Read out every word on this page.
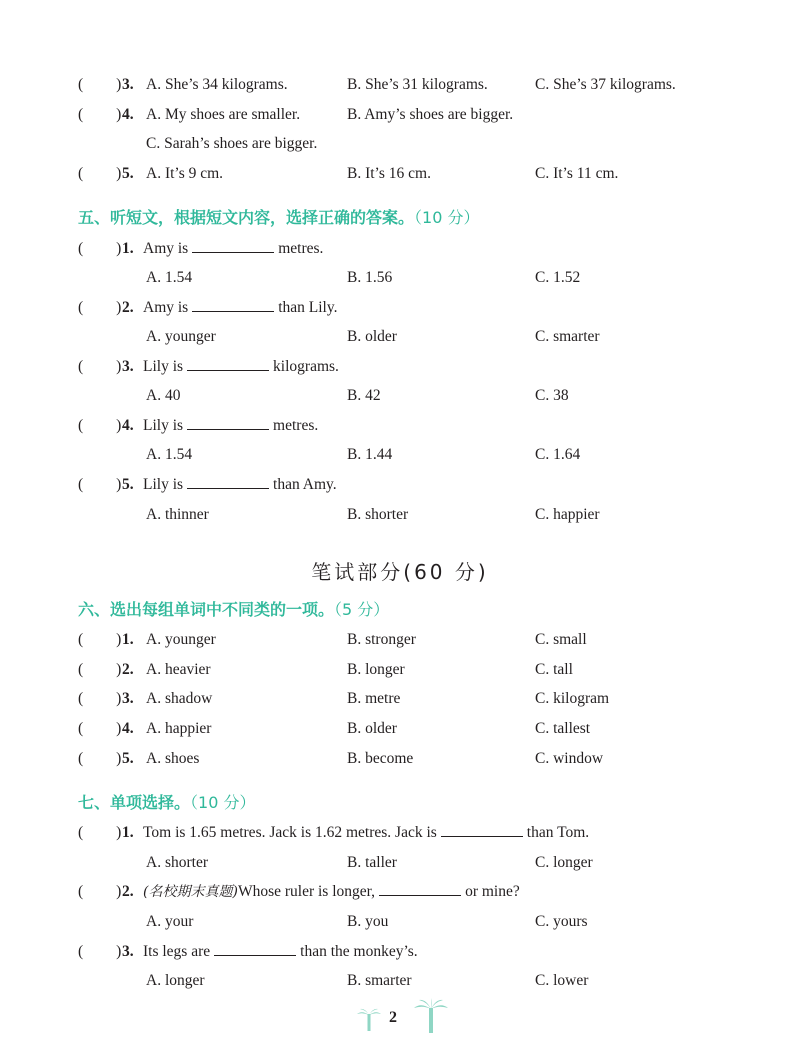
( ) 3. A. She’s 34 kilograms.	B. She’s 31 kilograms.	C. She’s 37 kilograms.
( ) 4. A. My shoes are smaller.	B. Amy’s shoes are bigger.
C. Sarah’s shoes are bigger.
( ) 5. A. It’s 9 cm.	B. It’s 16 cm.	C. It’s 11 cm.
五、听短文，根据短文内容，选择正确的答案。（10 分）
( ) 1. Amy is	metres.
A. 1.54	B. 1.56	C. 1.52
( ) 2. Amy is	than Lily.
A. younger	B. older	C. smarter
( ) 3. Lily is	kilograms.
A. 40	B. 42	C. 38
( ) 4. Lily is	metres.
A. 1.54	B. 1.44	C. 1.64
( ) 5. Lily is	than Amy.
A. thinner	B. shorter	C. happier
笔试部分(60 分)
六、选出每组单词中不同类的一项。（5 分）
( ) 1. A. younger	B. stronger	C. small
( ) 2. A. heavier	B. longer	C. tall
( ) 3. A. shadow	B. metre	C. kilogram
( ) 4. A. happier	B. older	C. tallest
( ) 5. A. shoes	B. become	C. window
七、单项选择。（10 分）
( ) 1. Tom is 1.65 metres. Jack is 1.62 metres. Jack is	than Tom.
A. shorter	B. taller	C. longer
( ) 2. (名校期末真题)Whose ruler is longer,	or mine?
A. your	B. you	C. yours
( ) 3. Its legs are	than the monkey’s.
A. longer	B. smarter	C. lower
2
